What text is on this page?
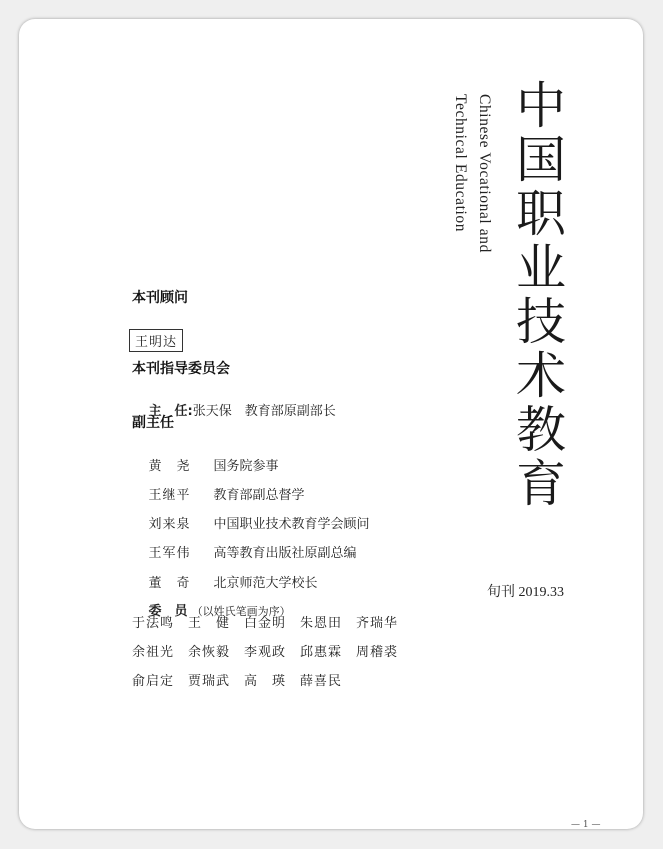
中国职业技术教育
Chinese Vocational and
Technical Education
旬刊 2019.33
本刊顾问
王明达
本刊指导委员会

主　任:张天保　 教育部原副部长

副主任

黄　尧　 国务院参事

王继平　 教育部副总督学

刘来泉　 中国职业技术教育学会顾问

王军伟　 高等教育出版社原副总编

董　奇　 北京师范大学校长

委　员 （以姓氏笔画为序）

于法鸣　王　健　白金明　朱恩田　齐瑞华
余祖光　余恢毅　李观政　邱惠霖　周稽裘
俞启定　贾瑞武　高　瑛　薛喜民
— 1 —
